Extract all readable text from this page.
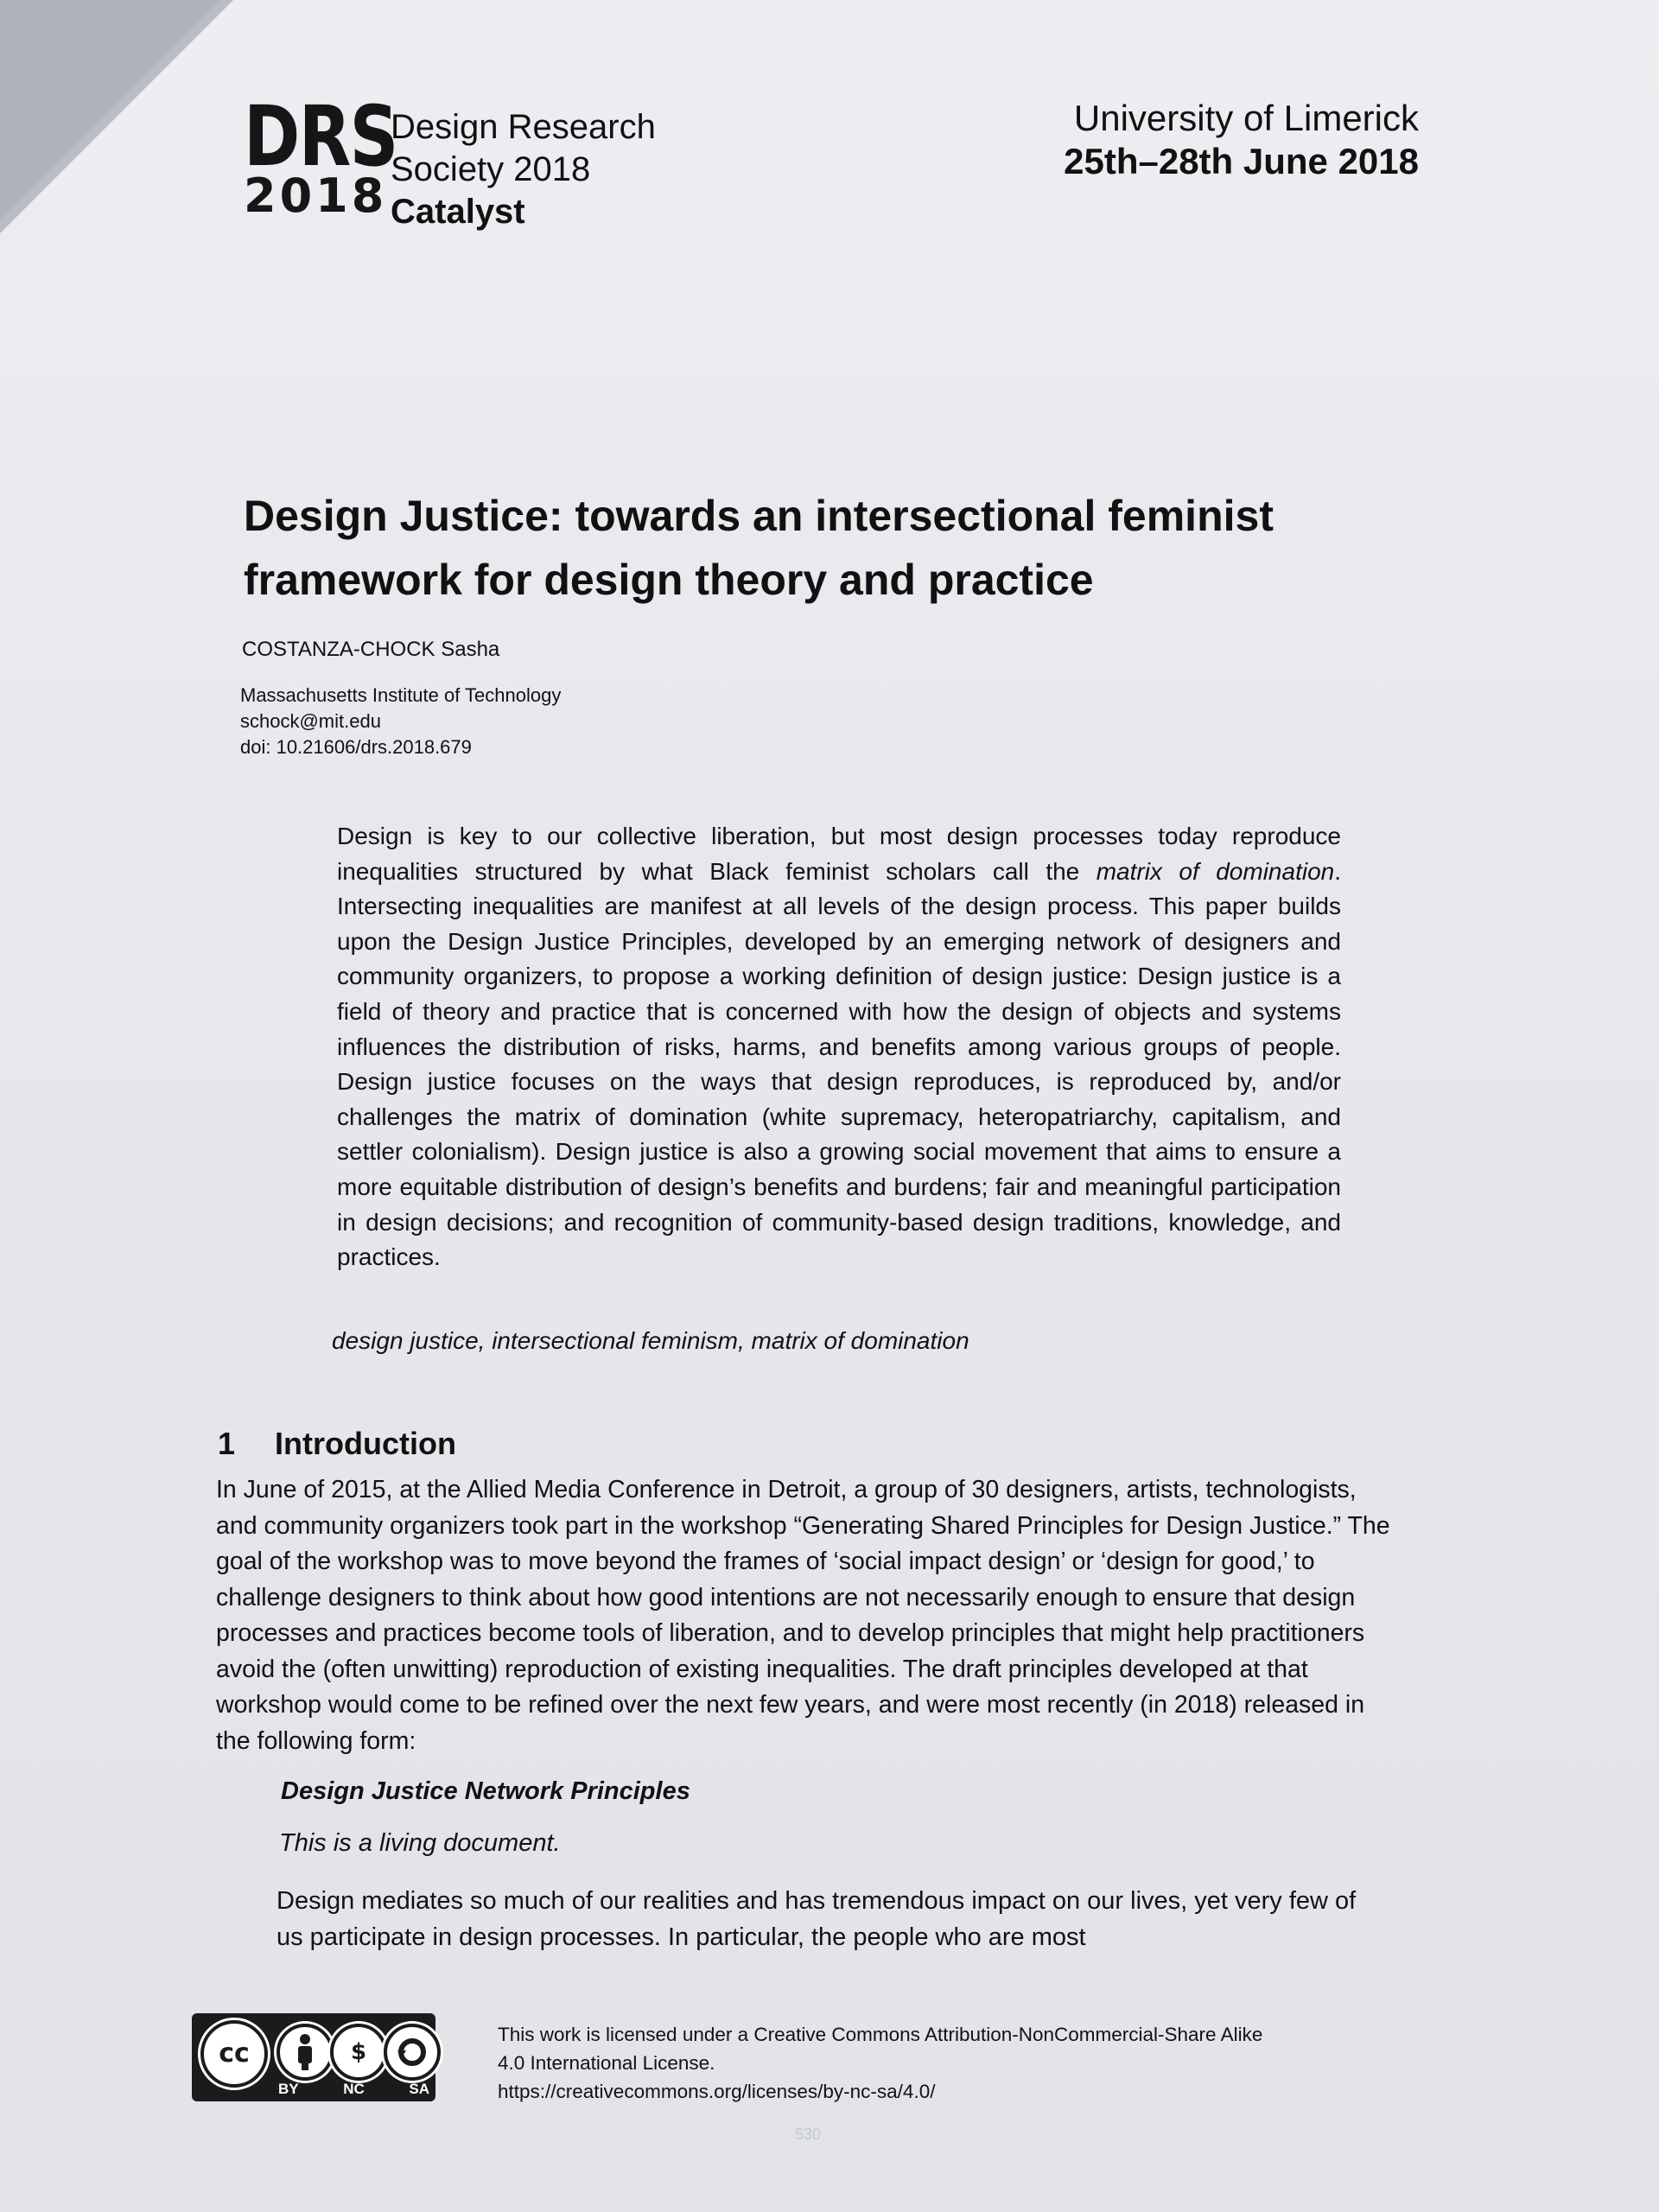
DRS
2018
Design Research
Society 2018
Catalyst
University of Limerick
25th–28th June 2018
Design Justice: towards an intersectional feminist framework for design theory and practice
COSTANZA-CHOCK Sasha
Massachusetts Institute of Technology
schock@mit.edu
doi: 10.21606/drs.2018.679

Design is key to our collective liberation, but most design processes today reproduce inequalities structured by what Black feminist scholars call the matrix of domination. Intersecting inequalities are manifest at all levels of the design process. This paper builds upon the Design Justice Principles, developed by an emerging network of designers and community organizers, to propose a working definition of design justice: Design justice is a field of theory and practice that is concerned with how the design of objects and systems influences the distribution of risks, harms, and benefits among various groups of people. Design justice focuses on the ways that design reproduces, is reproduced by, and/or challenges the matrix of domination (white supremacy, heteropatriarchy, capitalism, and settler colonialism). Design justice is also a growing social movement that aims to ensure a more equitable distribution of design’s benefits and burdens; fair and meaningful participation in design decisions; and recognition of community-based design traditions, knowledge, and practices.

design justice, intersectional feminism, matrix of domination
1 Introduction

In June of 2015, at the Allied Media Conference in Detroit, a group of 30 designers, artists, technologists, and community organizers took part in the workshop “Generating Shared Principles for Design Justice.” The goal of the workshop was to move beyond the frames of ‘social impact design’ or ‘design for good,’ to challenge designers to think about how good intentions are not necessarily enough to ensure that design processes and practices become tools of liberation, and to develop principles that might help practitioners avoid the (often unwitting) reproduction of existing inequalities. The draft principles developed at that workshop would come to be refined over the next few years, and were most recently (in 2018) released in the following form:

Design Justice Network Principles
This is a living document.

Design mediates so much of our realities and has tremendous impact on our lives, yet very few of us participate in design processes. In particular, the people who are most

cc	$
BY	NC	SA
This work is licensed under a Creative Commons Attribution-NonCommercial-Share Alike
4.0 International License.
https://creativecommons.org/licenses/by-nc-sa/4.0/
530
